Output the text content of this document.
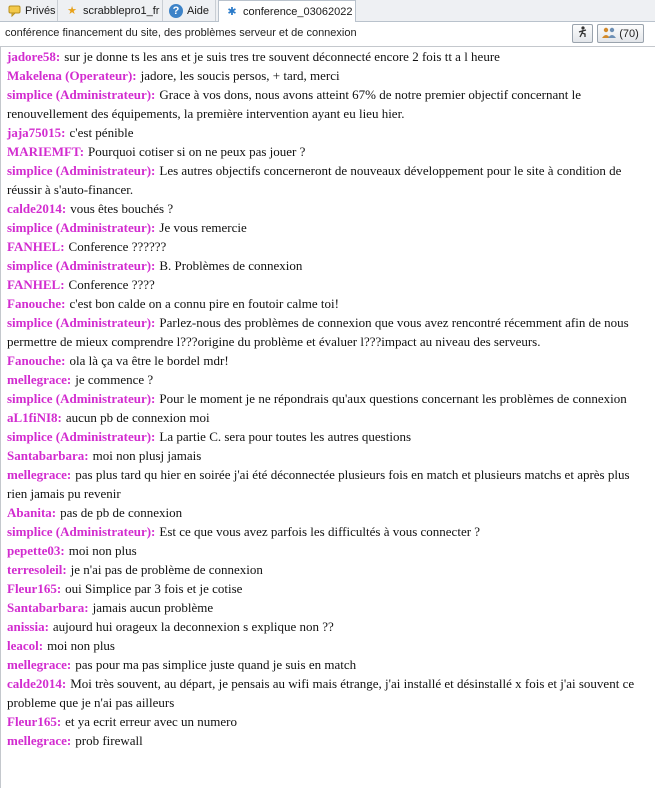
Privés ★ scrabblepro1_fr	? Aide ✱ conference_03062022
conférence financement du site, des problèmes serveur et de connexion	(70)
jadore58: sur je donne ts les ans et je suis tres tre souvent déconnecté encore 2 fois tt a l heure
Makelena (Operateur): jadore, les soucis persos, + tard, merci
simplice (Administrateur): Grace à vos dons, nous avons atteint 67% de notre premier objectif concernant le renouvellement des équipements, la première intervention ayant eu lieu hier.
jaja75015: c'est pénible
MARIEMFT: Pourquoi cotiser si on ne peux pas jouer ?
simplice (Administrateur): Les autres objectifs concerneront de nouveaux développement pour le site à condition de réussir à s'auto-financer.
calde2014: vous êtes bouchés ?
simplice (Administrateur): Je vous remercie
FANHEL: Conference ??????
simplice (Administrateur): B. Problèmes de connexion
FANHEL: Conference ????
Fanouche: c'est bon calde on a connu pire en foutoir calme toi!
simplice (Administrateur): Parlez-nous des problèmes de connexion que vous avez rencontré récemment afin de nous permettre de mieux comprendre l???origine du problème et évaluer l???impact au niveau des serveurs.
Fanouche: ola là ça va être le bordel mdr!
mellegrace: je commence ?
simplice (Administrateur): Pour le moment je ne répondrais qu'aux questions concernant les problèmes de connexion
aL1fiNI8: aucun pb de connexion moi
simplice (Administrateur): La partie C. sera pour toutes les autres questions
Santabarbara: moi non plusj jamais
mellegrace: pas plus tard qu hier en soirée j'ai été déconnectée plusieurs fois en match et plusieurs matchs et après plus rien jamais pu revenir
Abanita: pas de pb de connexion
simplice (Administrateur): Est ce que vous avez parfois les difficultés à vous connecter ?
pepette03: moi non plus
terresoleil: je n'ai pas de problème de connexion
Fleur165: oui Simplice par 3 fois et je cotise
Santabarbara: jamais aucun problème
anissia: aujourd hui orageux la deconnexion s explique non ??
leacol: moi non plus
mellegrace: pas pour ma pas simplice juste quand je suis en match
calde2014: Moi très souvent, au départ, je pensais au wifi mais étrange, j'ai installé et désinstallé x fois et j'ai souvent ce probleme que je n'ai pas ailleurs
Fleur165: et ya ecrit erreur avec un numero
mellegrace: prob firewall
